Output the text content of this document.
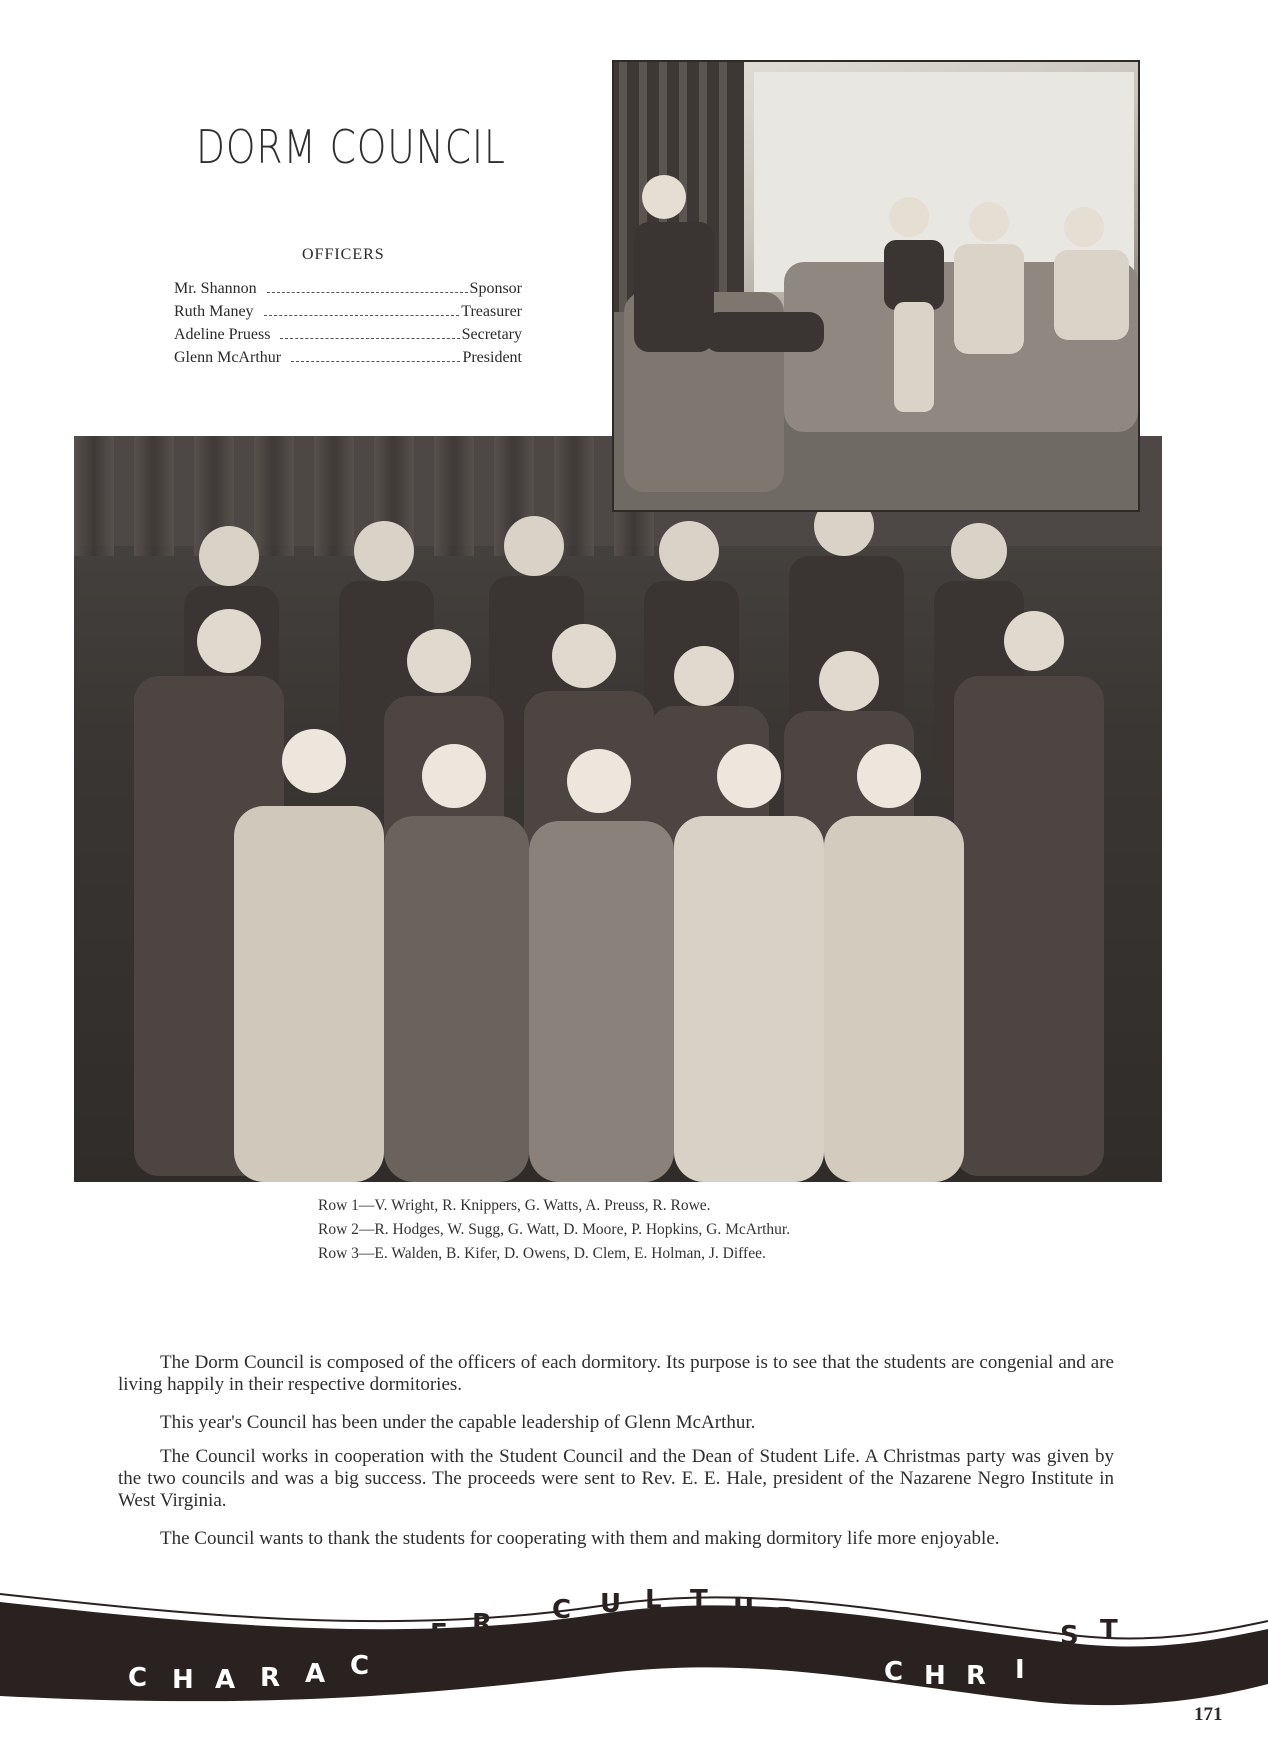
DORM COUNCIL
OFFICERS
Mr. Shannon	Sponsor
Ruth Maney	Treasurer
Adeline Pruess	Secretary
Glenn McArthur	President
Row 1—V. Wright, R. Knippers, G. Watts, A. Preuss, R. Rowe.
Row 2—R. Hodges, W. Sugg, G. Watt, D. Moore, P. Hopkins, G. McArthur.
Row 3—E. Walden, B. Kifer, D. Owens, D. Clem, E. Holman, J. Diffee.

The Dorm Council is composed of the officers of each dormitory. Its purpose is to see that the students are congenial and are living happily in their respective dormitories.

This year's Council has been under the capable leadership of Glenn McArthur.

The Council works in cooperation with the Student Council and the Dean of Student Life. A Christmas party was given by the two councils and was a big success. The proceeds were sent to Rev. E. E. Hale, president of the Nazarene Negro Institute in West Virginia.

The Council wants to thank the students for cooperating with them and making dormitory life more enjoyable.

C H A R A C
T E R C U L T U R E	S T
C H R I
171
